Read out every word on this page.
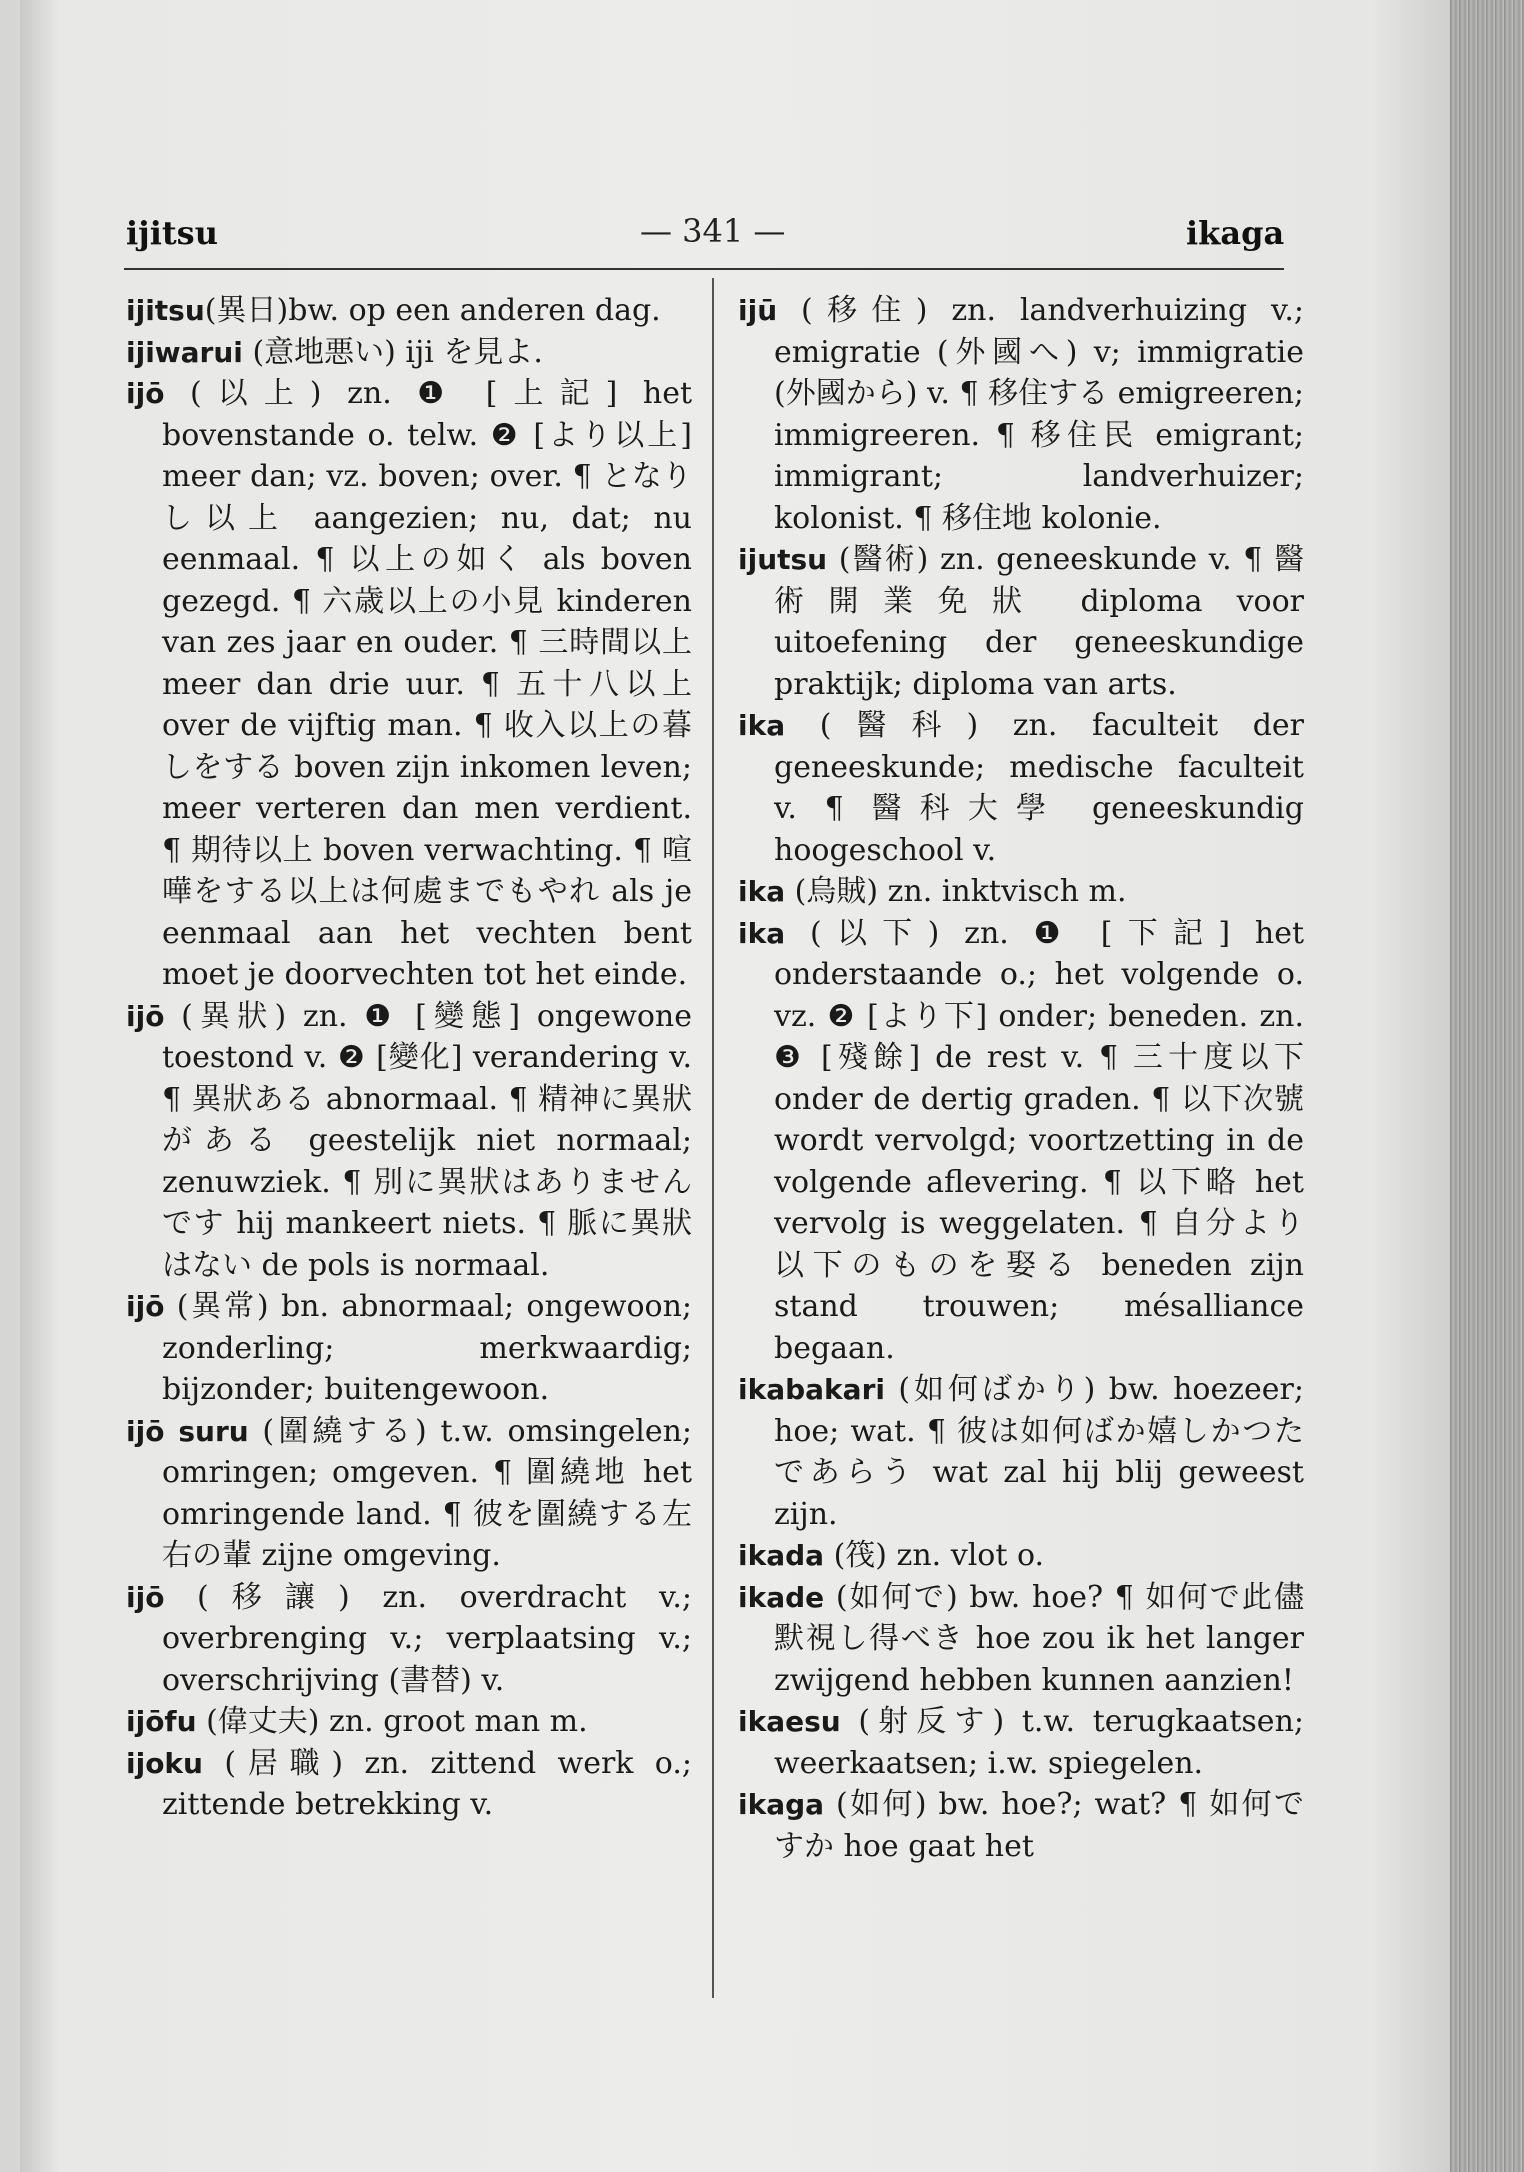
ijitsu	— 341 —	ikaga

ijitsu(異日)bw. op een anderen dag.

ijiwarui (意地悪い) iji を見よ.

ijō (以上) zn. ❶ [上記] het bovenstande o. telw. ❷ [より以上] meer dan; vz. boven; over. ¶ となりし以上 aangezien; nu, dat; nu eenmaal. ¶ 以上の如く als boven gezegd. ¶ 六歳以上の小見 kinderen van zes jaar en ouder. ¶ 三時間以上 meer dan drie uur. ¶ 五十八以上 over de vijftig man. ¶ 收入以上の暮しをする boven zijn inkomen leven; meer verteren dan men verdient. ¶ 期待以上 boven verwachting. ¶ 喧嘩をする以上は何處までもやれ als je eenmaal aan het vechten bent moet je doorvechten tot het einde.

ijō (異狀) zn. ❶ [變態] ongewone toestond v. ❷ [變化] verandering v. ¶ 異狀ある abnormaal. ¶ 精神に異狀がある geestelijk niet normaal; zenuwziek. ¶ 別に異狀はありませんです hij mankeert niets. ¶ 脈に異狀はない de pols is normaal.

ijō (異常) bn. abnormaal; ongewoon; zonderling; merkwaardig; bijzonder; buitengewoon.

ijō suru (圍繞する) t.w. omsingelen; omringen; omgeven. ¶ 圍繞地 het omringende land. ¶ 彼を圍繞する左右の輩 zijne omgeving.

ijō (移讓) zn. overdracht v.; overbrenging v.; verplaatsing v.; overschrijving (書替) v.

ijōfu (偉丈夫) zn. groot man m.

ijoku (居職) zn. zittend werk o.; zittende betrekking v.

ijū (移住) zn. landverhuizing v.; emigratie (外國へ) v; immigratie (外國から) v. ¶ 移住する emigreeren; immigreeren. ¶ 移住民 emigrant; immigrant; landverhuizer; kolonist. ¶ 移住地 kolonie.

ijutsu (醫術) zn. geneeskunde v. ¶ 醫術開業免狀 diploma voor uitoefening der geneeskundige praktijk; diploma van arts.

ika (醫科) zn. faculteit der geneeskunde; medische faculteit v. ¶ 醫科大學 geneeskundig hoogeschool v.

ika (烏賊) zn. inktvisch m.

ika (以下) zn. ❶ [下記] het onderstaande o.; het volgende o. vz. ❷ [より下] onder; beneden. zn. ❸ [殘餘] de rest v. ¶ 三十度以下 onder de dertig graden. ¶ 以下次號 wordt vervolgd; voortzetting in de volgende aflevering. ¶ 以下略 het vervolg is weggelaten. ¶ 自分より以下のものを娶る beneden zijn stand trouwen; mésalliance begaan.

ikabakari (如何ばかり) bw. hoezeer; hoe; wat. ¶ 彼は如何ばか嬉しかつたであらう wat zal hij blij geweest zijn.

ikada (筏) zn. vlot o.

ikade (如何で) bw. hoe? ¶ 如何で此儘默視し得べき hoe zou ik het langer zwijgend hebben kunnen aanzien!

ikaesu (射反す) t.w. terugkaatsen; weerkaatsen; i.w. spiegelen.

ikaga (如何) bw. hoe?; wat? ¶ 如何ですか hoe gaat het
